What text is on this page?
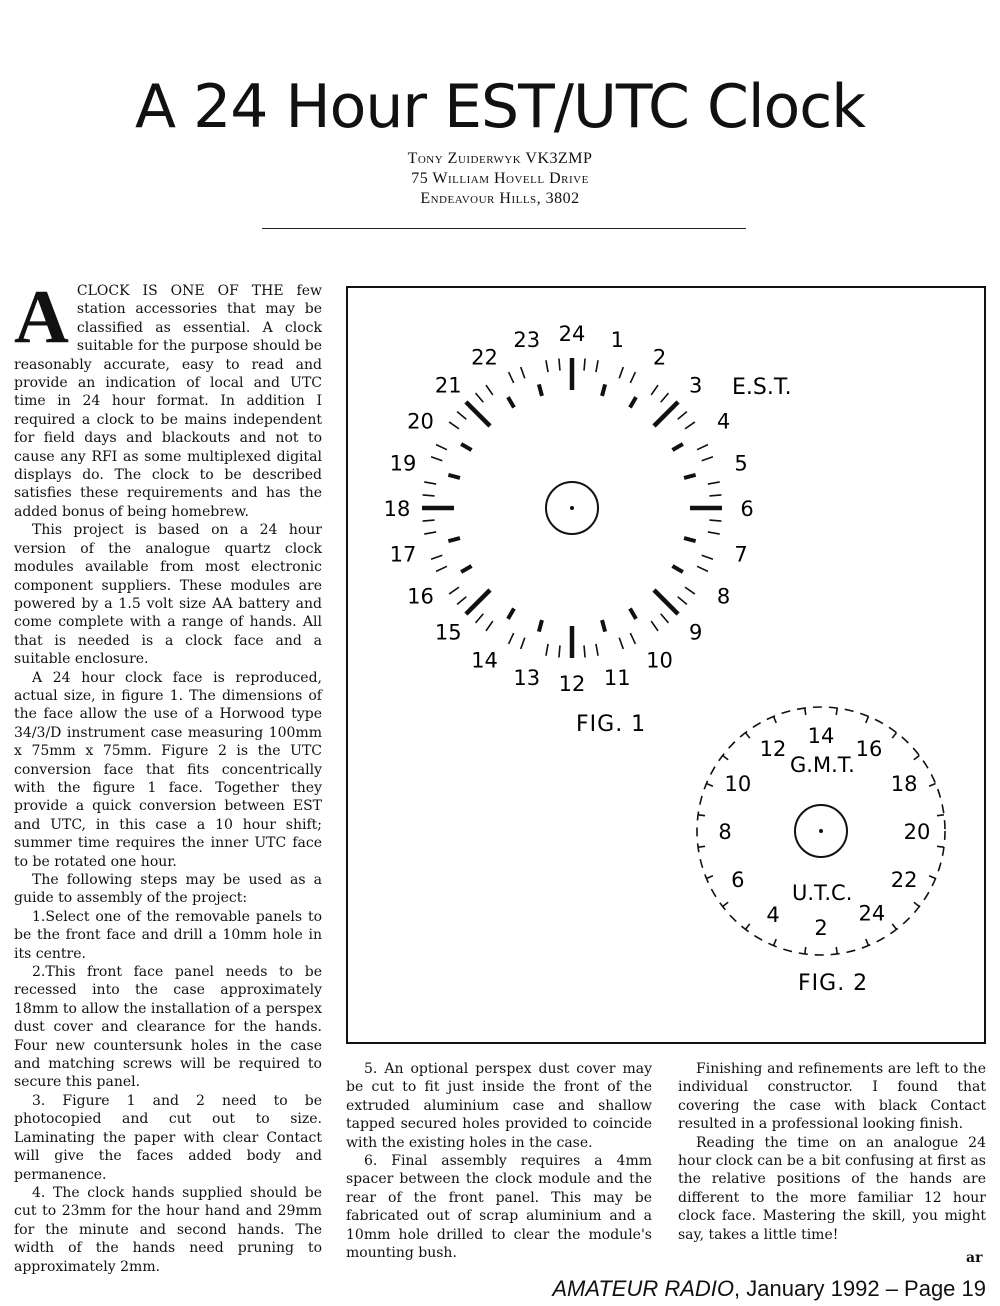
A 24 Hour EST/UTC Clock
Tony Zuiderwyk VK3ZMP
75 William Hovell Drive
Endeavour Hills, 3802

ACLOCK IS ONE OF THE few station accessories that may be classified as essential. A clock suitable for the purpose should be reasonably accurate, easy to read and provide an indication of local and UTC time in 24 hour format. In addition I required a clock to be mains independent for field days and blackouts and not to cause any RFI as some multiplexed digital displays do. The clock to be described satisfies these requirements and has the added bonus of being homebrew.

This project is based on a 24 hour version of the analogue quartz clock modules available from most electronic component suppliers. These modules are powered by a 1.5 volt size AA battery and come complete with a range of hands. All that is needed is a clock face and a suitable enclosure.

A 24 hour clock face is reproduced, actual size, in figure 1. The dimensions of the face allow the use of a Horwood type 34/3/D instrument case measuring 100mm x 75mm x 75mm. Figure 2 is the UTC conversion face that fits concentrically with the figure 1 face. Together they provide a quick conversion between EST and UTC, in this case a 10 hour shift; summer time requires the inner UTC face to be rotated one hour.

The following steps may be used as a guide to assembly of the project:

1.Select one of the removable panels to be the front face and drill a 10mm hole in its centre.

2.This front face panel needs to be recessed into the case approximately 18mm to allow the installation of a perspex dust cover and clearance for the hands. Four new countersunk holes in the case and matching screws will be required to secure this panel.

3. Figure 1 and 2 need to be photocopied and cut out to size. Laminating the paper with clear Contact will give the faces added body and permanence.

4. The clock hands supplied should be cut to 23mm for the hour hand and 29mm for the minute and second hands. The width of the hands need pruning to approximately 2mm.

24 1
2
3
4
5
6
7
8
9
10
11
12
13
14
15
16
17
18
19
20
21
22
23
FIG. 1
E.S.T.
14
16
18
20
22
24
2
4
6
8
10
12
FIG. 2
G.M.T.
U.T.C.

5. An optional perspex dust cover may be cut to fit just inside the front of the extruded aluminium case and shallow tapped secured holes provided to coincide with the existing holes in the case.

6. Final assembly requires a 4mm spacer between the clock module and the rear of the front panel. This may be fabricated out of scrap aluminium and a 10mm hole drilled to clear the module's mounting bush.

Finishing and refinements are left to the individual constructor. I found that covering the case with black Contact resulted in a professional looking finish.

Reading the time on an analogue 24 hour clock can be a bit confusing at first as the relative positions of the hands are different to the more familiar 12 hour clock face. Mastering the skill, you might say, takes a little time!

ar
AMATEUR RADIO, January 1992 – Page 19
